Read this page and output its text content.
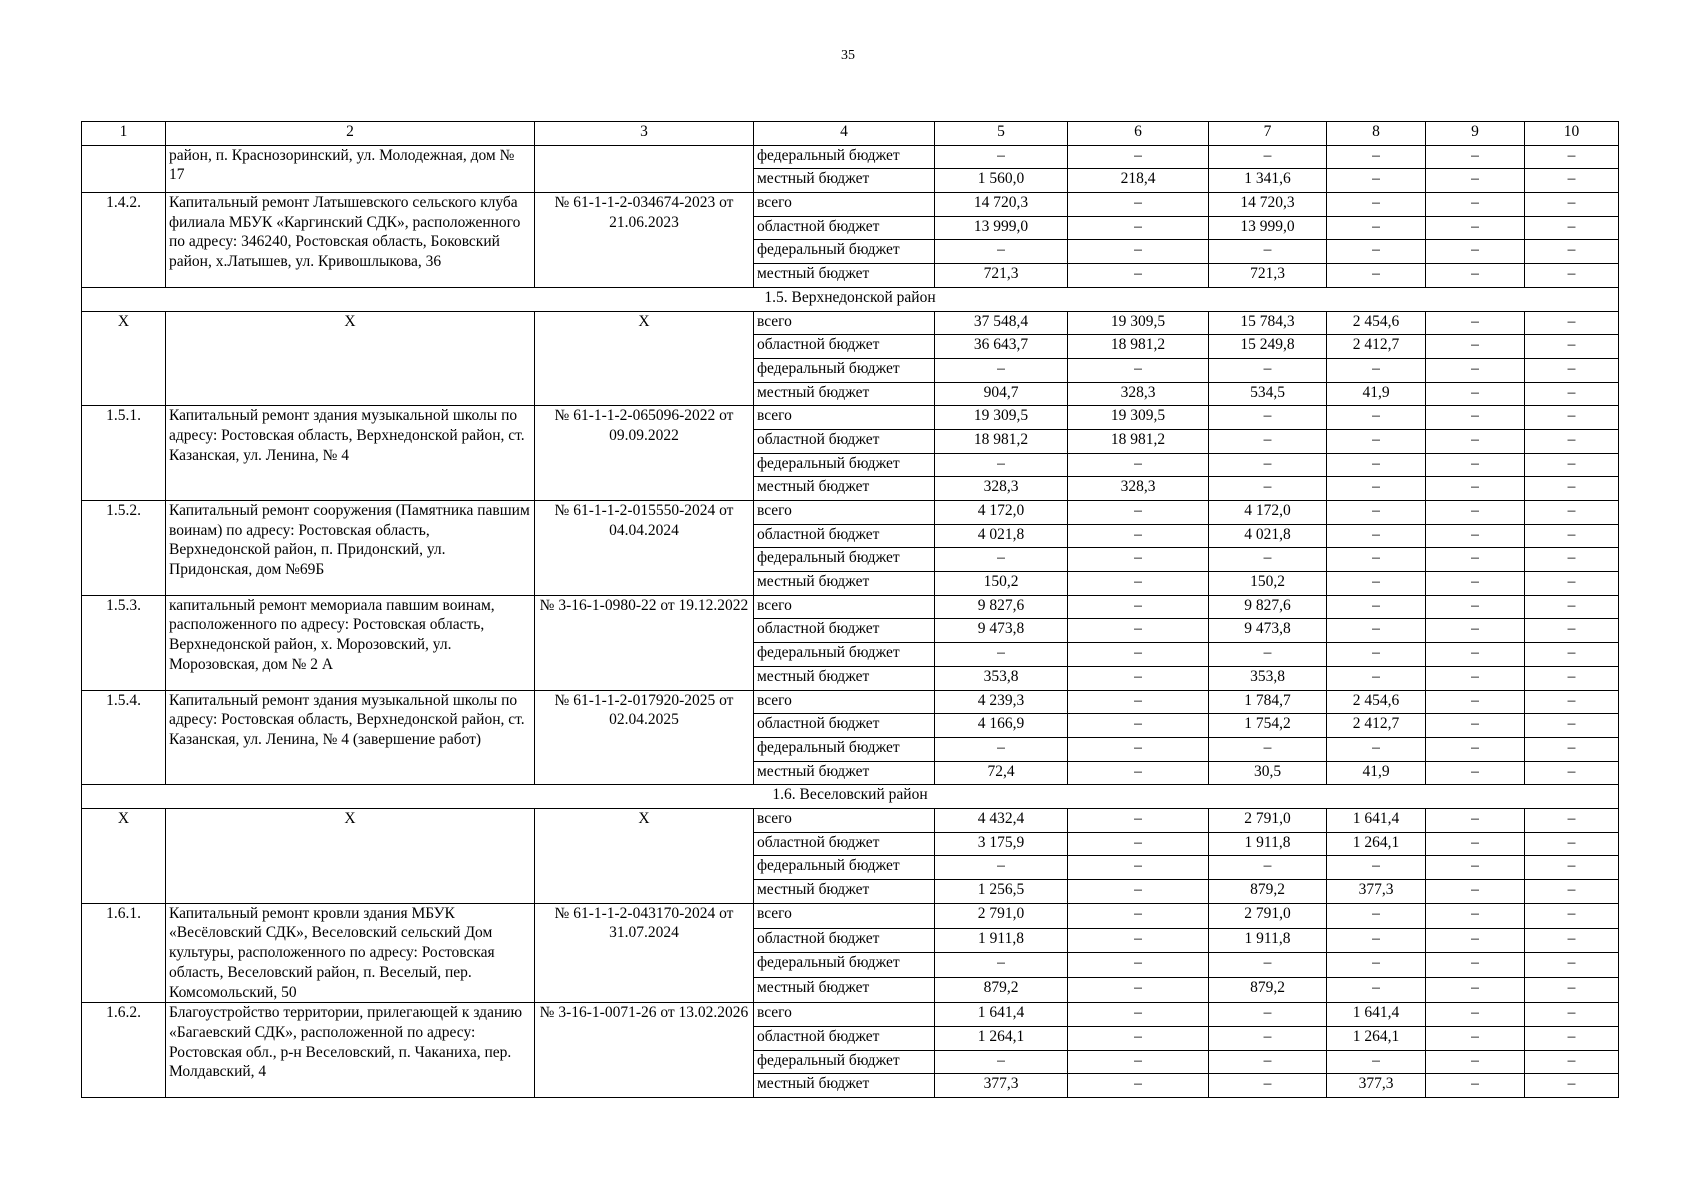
35
1	2	3	4	5	6	7	8	9	10
	район, п. Краснозоринский, ул. Молодежная, дом № 17		федеральный бюджет	–	–	–	–	–	–
			местный бюджет	1 560,0	218,4	1 341,6	–	–	–
1.4.2.	Капитальный ремонт Латышевского сельского клуба филиала МБУК «Каргинский СДК», расположенного по адресу: 346240, Ростовская область, Боковский район, х.Латышев, ул. Кривошлыкова, 36	№ 61-1-1-2-034674-2023 от 21.06.2023	всего	14 720,3	–	14 720,3	–	–	–
			областной бюджет	13 999,0	–	13 999,0	–	–	–
			федеральный бюджет	–	–	–	–	–	–
			местный бюджет	721,3	–	721,3	–	–	–
1.5. Верхнедонской район									
Х	Х	Х	всего	37 548,4	19 309,5	15 784,3	2 454,6	–	–
			областной бюджет	36 643,7	18 981,2	15 249,8	2 412,7	–	–
			федеральный бюджет	–	–	–	–	–	–
			местный бюджет	904,7	328,3	534,5	41,9	–	–
1.5.1.	Капитальный ремонт здания музыкальной школы по адресу: Ростовская область, Верхнедонской район, ст. Казанская, ул. Ленина, № 4	№ 61-1-1-2-065096-2022 от 09.09.2022	всего	19 309,5	19 309,5	–	–	–	–
			областной бюджет	18 981,2	18 981,2	–	–	–	–
			федеральный бюджет	–	–	–	–	–	–
			местный бюджет	328,3	328,3	–	–	–	–
1.5.2.	Капитальный ремонт сооружения (Памятника павшим воинам) по адресу: Ростовская область, Верхнедонской район, п. Придонский, ул. Придонская, дом №69Б	№ 61-1-1-2-015550-2024 от 04.04.2024	всего	4 172,0	–	4 172,0	–	–	–
			областной бюджет	4 021,8	–	4 021,8	–	–	–
			федеральный бюджет	–	–	–	–	–	–
			местный бюджет	150,2	–	150,2	–	–	–
1.5.3.	капитальный ремонт мемориала павшим воинам, расположенного по адресу: Ростовская область, Верхнедонской район, х. Морозовский, ул. Морозовская, дом № 2 А	№ 3-16-1-0980-22 от 19.12.2022	всего	9 827,6	–	9 827,6	–	–	–
			областной бюджет	9 473,8	–	9 473,8	–	–	–
			федеральный бюджет	–	–	–	–	–	–
			местный бюджет	353,8	–	353,8	–	–	–
1.5.4.	Капитальный ремонт здания музыкальной школы по адресу: Ростовская область, Верхнедонской район, ст. Казанская, ул. Ленина, № 4 (завершение работ)	№ 61-1-1-2-017920-2025 от 02.04.2025	всего	4 239,3	–	1 784,7	2 454,6	–	–
			областной бюджет	4 166,9	–	1 754,2	2 412,7	–	–
			федеральный бюджет	–	–	–	–	–	–
			местный бюджет	72,4	–	30,5	41,9	–	–
1.6. Веселовский район									
Х	Х	Х	всего	4 432,4	–	2 791,0	1 641,4	–	–
			областной бюджет	3 175,9	–	1 911,8	1 264,1	–	–
			федеральный бюджет	–	–	–	–	–	–
			местный бюджет	1 256,5	–	879,2	377,3	–	–
1.6.1.	Капитальный ремонт кровли здания МБУК «Весёловский СДК», Веселовский сельский Дом культуры, расположенного по адресу: Ростовская область, Веселовский район, п. Веселый, пер. Комсомольский, 50	№ 61-1-1-2-043170-2024 от 31.07.2024	всего	2 791,0	–	2 791,0	–	–	–
			областной бюджет	1 911,8	–	1 911,8	–	–	–
			федеральный бюджет	–	–	–	–	–	–
			местный бюджет	879,2	–	879,2	–	–	–
1.6.2.	Благоустройство территории, прилегающей к зданию «Багаевский СДК», расположенной по адресу: Ростовская обл., р-н Веселовский, п. Чаканиха, пер. Молдавский, 4	№ 3-16-1-0071-26 от 13.02.2026	всего	1 641,4	–	–	1 641,4	–	–
			областной бюджет	1 264,1	–	–	1 264,1	–	–
			федеральный бюджет	–	–	–	–	–	–
			местный бюджет	377,3	–	–	377,3	–	–
